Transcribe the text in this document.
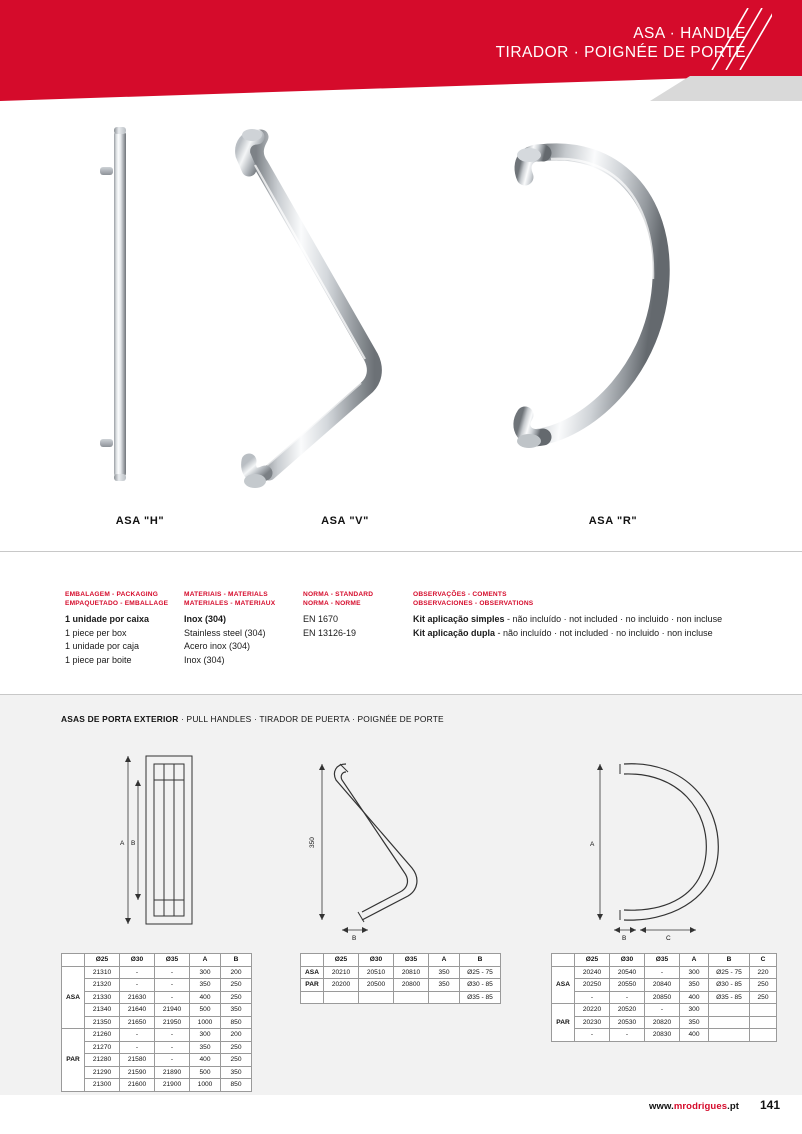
ASA · HANDLE
TIRADOR · POIGNÉE DE PORTE
ASA "H"	ASA "V"	ASA "R"
EMBALAGEM - PACKAGING
EMPAQUETADO - EMBALLAGE
1 unidade por caixa
1 piece per box
1 unidade por caja
1 piece par boite
MATERIAIS - MATERIALS
MATERIALES - MATERIAUX
Inox (304)
Stainless steel (304)
Acero inox (304)
Inox (304)
NORMA - STANDARD
NORMA - NORME
EN 1670
EN 13126-19
OBSERVAÇÕES - COMENTS
OBSERVACIONES - OBSERVATIONS
Kit aplicação simples - não incluído · not included · no incluido · non incluse
Kit aplicação dupla - não incluído · not included · no incluido · non incluse
ASAS DE PORTA EXTERIOR · PULL HANDLES · TIRADOR DE PUERTA · POIGNÉE DE PORTE
A B	350
B
A
B	C
	Ø25	Ø30	Ø35	A	B
ASA	21310	-	-	300	200
	21320	-	-	350	250
	21330	21630	-	400	250
	21340	21640	21940	500	350
	21350	21650	21950	1000	850
PAR	21260	-	-	300	200
	21270	-	-	350	250
	21280	21580	-	400	250
	21290	21590	21890	500	350
	21300	21600	21900	1000	850
	Ø25	Ø30	Ø35	A	B
ASA	20210	20510	20810	350	Ø25 - 75
PAR	20200	20500	20800	350	Ø30 - 85
					Ø35 - 85
	Ø25	Ø30	Ø35	A	B	C
ASA	20240	20540	-	300	Ø25 - 75	220
	20250	20550	20840	350	Ø30 - 85	250
	-	-	20850	400	Ø35 - 85	250
PAR	20220	20520	-	300		
	20230	20530	20820	350		
	-	-	20830	400		
www.mrodrigues.pt 141
